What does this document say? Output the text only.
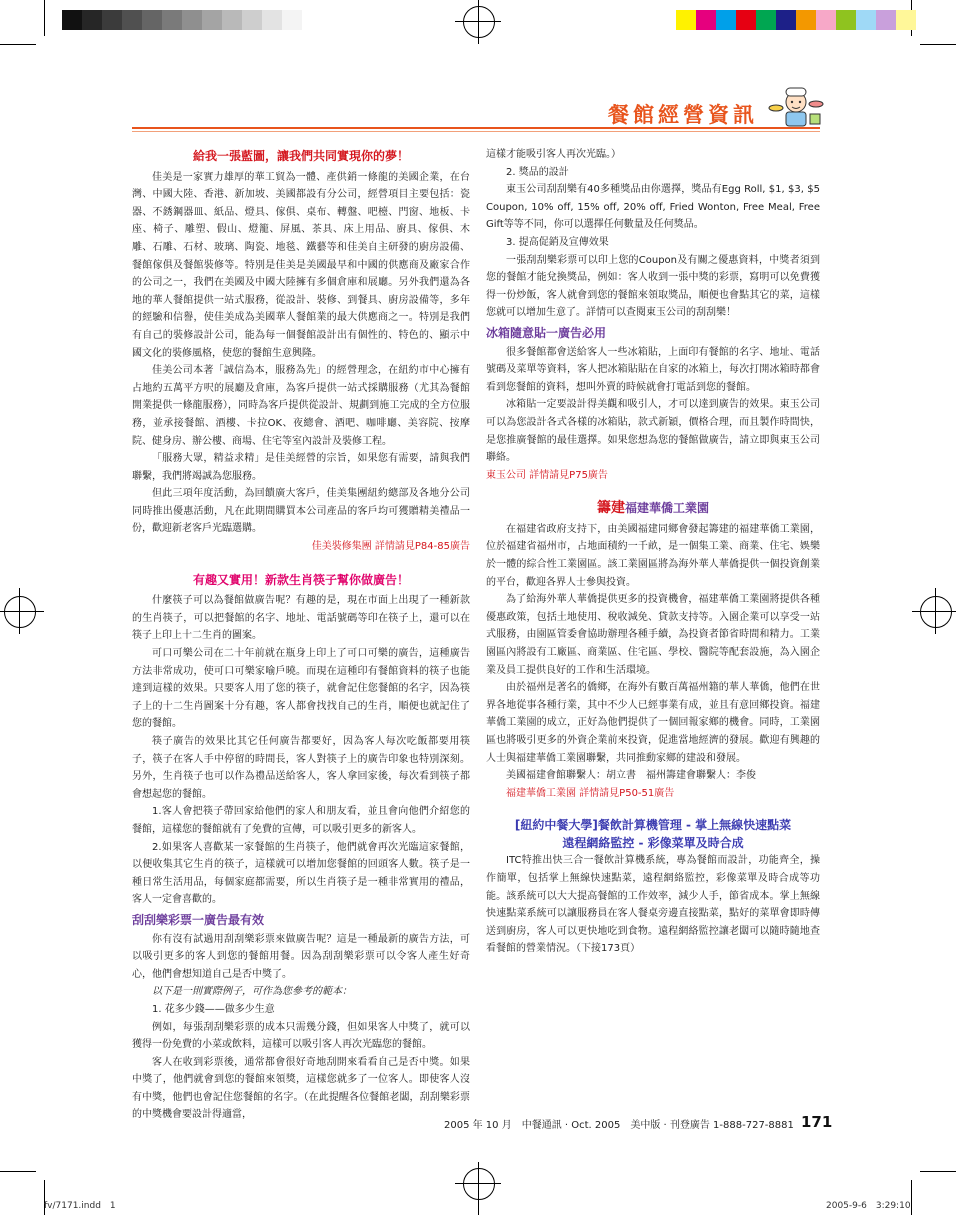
餐館經營資訊
給我一張藍圖，讓我們共同實現你的夢！

佳美是一家實力雄厚的華工貿為一體、產供銷一條龍的美國企業，在台灣、中國大陸、香港、新加坡、美國都設有分公司，經營項目主要包括：瓷器、不銹鋼器皿、紙品、燈具、傢俱、桌布、轉盤、吧檯、門窗、地板、卡座、椅子、雕塑、假山、燈籠、屏風、茶具、床上用品、廚具、傢俱、木雕、石雕、石材、玻璃、陶瓷、地毯、鐵藝等和佳美自主研發的廚房設備、餐館傢俱及餐館裝修等。特別是佳美是美國最早和中國的供應商及廠家合作的公司之一，我們在美國及中國大陸擁有多個倉庫和展廳。另外我們還為各地的華人餐館提供一站式服務，從設計、裝修、到餐具、廚房設備等，多年的經驗和信譽，使佳美成為美國華人餐館業的最大供應商之一。特別是我們有自己的裝修設計公司，能為每一個餐館設計出有個性的、特色的、顯示中國文化的裝修風格，使您的餐館生意興隆。

佳美公司本著「誠信為本，服務為先」的經營理念，在紐約市中心擁有占地約五萬平方呎的展廳及倉庫，為客戶提供一站式採購服務（尤其為餐館開業提供一條龍服務），同時為客戶提供從設計、規劃到施工完成的全方位服務，並承接餐館、酒樓、卡拉OK、夜總會、酒吧、咖啡廳、美容院、按摩院、健身房、辦公樓、商場、住宅等室內設計及裝修工程。

「服務大眾，精益求精」是佳美經營的宗旨，如果您有需要，請與我們聯繫，我們將竭誠為您服務。

但此三項年度活動，為回饋廣大客戶，佳美集團紐約總部及各地分公司同時推出優惠活動，凡在此期間購買本公司產品的客戶均可獲贈精美禮品一份，歡迎新老客戶光臨選購。

佳美裝修集團 詳情請見P84-85廣告

有趣又實用！新款生肖筷子幫你做廣告！

什麼筷子可以為餐館做廣告呢？有趣的是，現在市面上出現了一種新款的生肖筷子，可以把餐館的名字、地址、電話號碼等印在筷子上，還可以在筷子上印上十二生肖的圖案。

可口可樂公司在二十年前就在瓶身上印上了可口可樂的廣告，這種廣告方法非常成功，使可口可樂家喻戶曉。而現在這種印有餐館資料的筷子也能達到這樣的效果。只要客人用了您的筷子，就會記住您餐館的名字，因為筷子上的十二生肖圖案十分有趣，客人都會找找自己的生肖，順便也就記住了您的餐館。

筷子廣告的效果比其它任何廣告都要好，因為客人每次吃飯都要用筷子，筷子在客人手中停留的時間長，客人對筷子上的廣告印象也特別深刻。另外，生肖筷子也可以作為禮品送給客人，客人拿回家後，每次看到筷子都會想起您的餐館。

1.客人會把筷子帶回家給他們的家人和朋友看，並且會向他們介紹您的餐館，這樣您的餐館就有了免費的宣傳，可以吸引更多的新客人。

2.如果客人喜歡某一家餐館的生肖筷子，他們就會再次光臨這家餐館，以便收集其它生肖的筷子，這樣就可以增加您餐館的回頭客人數。筷子是一種日常生活用品，每個家庭都需要，所以生肖筷子是一種非常實用的禮品，客人一定會喜歡的。

刮刮樂彩票一廣告最有效

你有沒有試過用刮刮樂彩票來做廣告呢？這是一種最新的廣告方法，可以吸引更多的客人到您的餐館用餐。因為刮刮樂彩票可以令客人產生好奇心，他們會想知道自己是否中獎了。

以下是一則實際例子，可作為您參考的範本：

1. 花多少錢——做多少生意

例如，每張刮刮樂彩票的成本只需幾分錢，但如果客人中獎了，就可以獲得一份免費的小菜或飲料，這樣可以吸引客人再次光臨您的餐館。

客人在收到彩票後，通常都會很好奇地刮開來看看自己是否中獎。如果中獎了，他們就會到您的餐館來領獎，這樣您就多了一位客人。即使客人沒有中獎，他們也會記住您餐館的名字。（在此提醒各位餐館老闆，刮刮樂彩票的中獎機會要設計得適當，

這樣才能吸引客人再次光臨。）

2. 獎品的設計

東玉公司刮刮樂有40多種獎品由你選擇，獎品有Egg Roll, $1, $3, $5 Coupon, 10% off, 15% off, 20% off, Fried Wonton, Free Meal, Free Gift等等不同，你可以選擇任何數量及任何獎品。

3. 提高促銷及宣傳效果

一張刮刮樂彩票可以印上您的Coupon及有關之優惠資料，中獎者須到您的餐館才能兌換獎品，例如：客人收到一張中獎的彩票，寫明可以免費獲得一份炒飯，客人就會到您的餐館來領取獎品，順便也會點其它的菜，這樣您就可以增加生意了。詳情可以查閱東玉公司的刮刮樂！

冰箱隨意貼一廣告必用

很多餐館都會送給客人一些冰箱貼，上面印有餐館的名字、地址、電話號碼及菜單等資料，客人把冰箱貼貼在自家的冰箱上，每次打開冰箱時都會看到您餐館的資料，想叫外賣的時候就會打電話到您的餐館。

冰箱貼一定要設計得美觀和吸引人，才可以達到廣告的效果。東玉公司可以為您設計各式各樣的冰箱貼，款式新穎，價格合理，而且製作時間快，是您推廣餐館的最佳選擇。如果您想為您的餐館做廣告，請立即與東玉公司聯絡。

東玉公司 詳情請見P75廣告

籌建福建華僑工業園

在福建省政府支持下，由美國福建同鄉會發起籌建的福建華僑工業園，位於福建省福州市，占地面積約一千畝，是一個集工業、商業、住宅、娛樂於一體的綜合性工業園區。該工業園區將為海外華人華僑提供一個投資創業的平台，歡迎各界人士參與投資。

為了給海外華人華僑提供更多的投資機會，福建華僑工業園將提供各種優惠政策，包括土地使用、稅收減免、貸款支持等。入園企業可以享受一站式服務，由園區管委會協助辦理各種手續，為投資者節省時間和精力。工業園區內將設有工廠區、商業區、住宅區、學校、醫院等配套設施，為入園企業及員工提供良好的工作和生活環境。

由於福州是著名的僑鄉，在海外有數百萬福州籍的華人華僑，他們在世界各地從事各種行業，其中不少人已經事業有成，並且有意回鄉投資。福建華僑工業園的成立，正好為他們提供了一個回報家鄉的機會。同時，工業園區也將吸引更多的外資企業前來投資，促進當地經濟的發展。歡迎有興趣的人士與福建華僑工業園聯繫，共同推動家鄉的建設和發展。

美國福建會館聯繫人：胡立書　福州籌建會聯繫人：李俊

福建華僑工業園 詳情請見P50-51廣告

[紐約中餐大學]餐飲計算機管理 - 掌上無線快速點菜
遠程網絡監控 - 彩像菜單及時合成

ITC特推出快三合一餐飲計算機系統，專為餐館而設計，功能齊全，操作簡單，包括掌上無線快速點菜，遠程網絡監控，彩像菜單及時合成等功能。該系統可以大大提高餐館的工作效率，減少人手，節省成本。掌上無線快速點菜系統可以讓服務員在客人餐桌旁邊直接點菜，點好的菜單會即時傳送到廚房，客人可以更快地吃到食物。遠程網絡監控讓老闆可以隨時隨地查看餐館的營業情況。（下接173頁）

2005 年 10 月　中餐通訊 · Oct. 2005　美中版 · 刊登廣告 1-888-727-8881 171
fv/7171.indd　1	2005-9-6　3:29:10
